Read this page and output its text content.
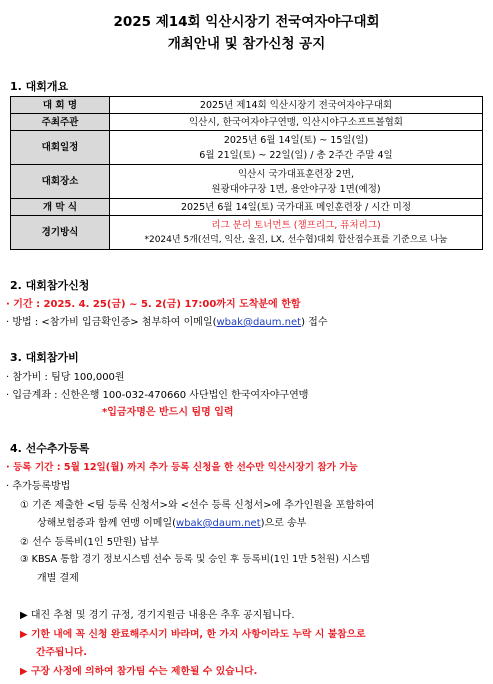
2025 제14회 익산시장기 전국여자야구대회
개최안내 및 참가신청 공지
1. 대회개요
대 회 명	2025년 제14회 익산시장기 전국여자야구대회
주최주관	익산시, 한국여자야구연맹, 익산시야구소프트볼협회
대회일정	2025년 6월 14일(토) ~ 15일(일)
6월 21일(토) ~ 22일(일) / 총 2주간 주말 4일

대회장소	익산시 국가대표훈련장 2면,
원광대야구장 1면, 용안야구장 1면(예정)

개 막 식	2025년 6월 14일(토) 국가대표 메인훈련장 / 시간 미정
경기방식	리그 분리 토너먼트 (챔프리그, 퓨처리그)
*2024년 5개(선덕, 익산, 울진, LX, 선수협)대회 합산점수표를 기준으로 나눔
2. 대회참가신청
· 기간 : 2025. 4. 25(금) ~ 5. 2(금) 17:00까지 도착분에 한함
· 방법 : <참가비 입금확인증> 첨부하여 이메일(wbak@daum.net) 접수
3. 대회참가비
· 참가비 : 팀당 100,000원
· 입금계좌 : 신한은행 100-032-470660 사단법인 한국여자야구연맹
*입금자명은 반드시 팀명 입력
4. 선수추가등록
· 등록 기간 : 5월 12일(월) 까지 추가 등록 신청을 한 선수만 익산시장기 참가 가능
· 추가등록방법
① 기존 제출한 <팀 등록 신청서>와 <선수 등록 신청서>에 추가인원을 포함하여
상해보험증과 함께 연맹 이메일(wbak@daum.net)으로 송부
② 선수 등록비(1인 5만원) 납부
③ KBSA 통합 경기 정보시스템 선수 등록 및 승인 후 등록비(1인 1만 5천원) 시스템
개별 결제
▶ 대진 추첨 및 경기 규정, 경기지원금 내용은 추후 공지됩니다.
▶ 기한 내에 꼭 신청 완료해주시기 바라며, 한 가지 사항이라도 누락 시 불참으로
간주됩니다.
▶ 구장 사정에 의하여 참가팀 수는 제한될 수 있습니다.
